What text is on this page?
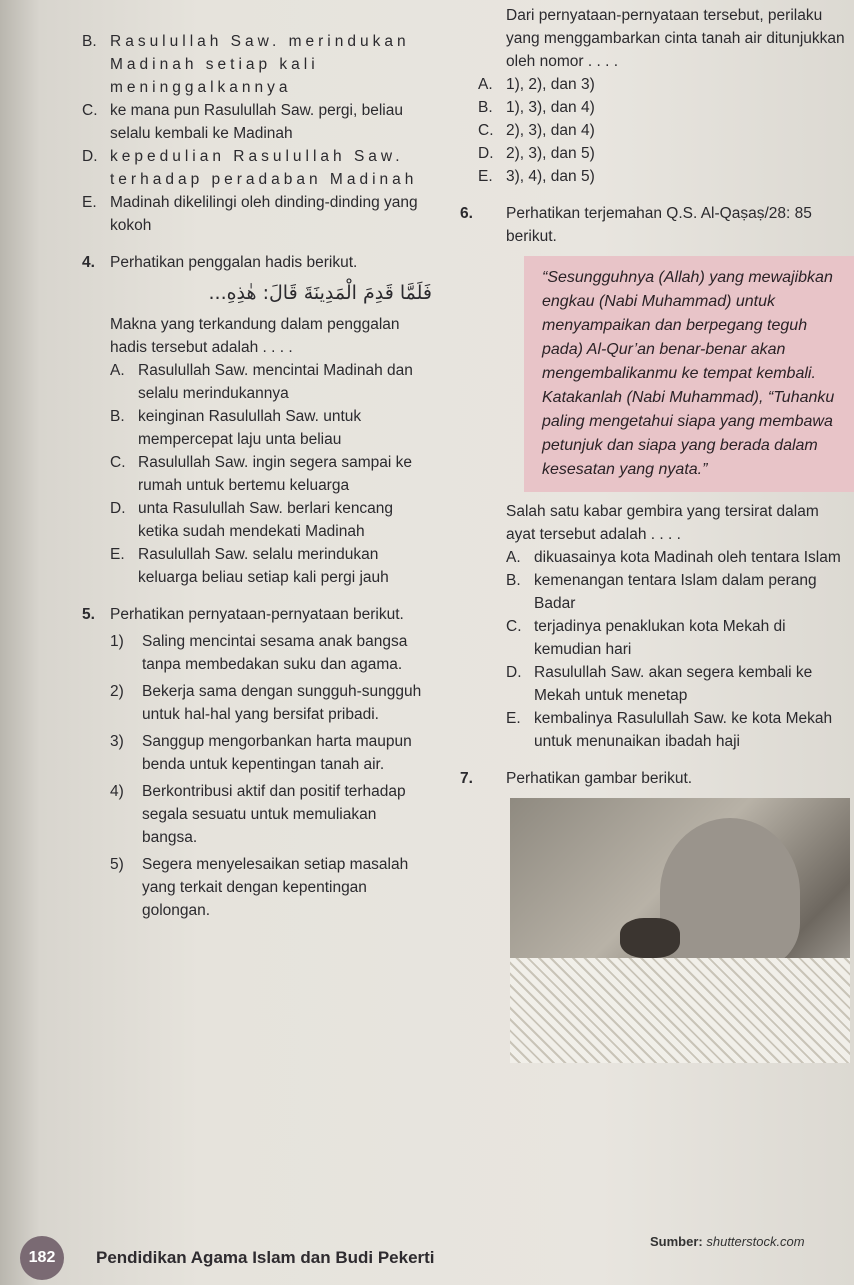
B. Rasulullah Saw. merindukan Madinah setiap kali meninggalkannya
C. ke mana pun Rasulullah Saw. pergi, beliau selalu kembali ke Madinah
D. kepedulian Rasulullah Saw. terhadap peradaban Madinah
E. Madinah dikelilingi oleh dinding-dinding yang kokoh
4. Perhatikan penggalan hadis berikut.
فَلَمَّا قَدِمَ الْمَدِينَةَ قَالَ: هٰذِهِ...
Makna yang terkandung dalam penggalan hadis tersebut adalah . . . .
A. Rasulullah Saw. mencintai Madinah dan selalu merindukannya
B. keinginan Rasulullah Saw. untuk mempercepat laju unta beliau
C. Rasulullah Saw. ingin segera sampai ke rumah untuk bertemu keluarga
D. unta Rasulullah Saw. berlari kencang ketika sudah mendekati Madinah
E. Rasulullah Saw. selalu merindukan keluarga beliau setiap kali pergi jauh
5. Perhatikan pernyataan-pernyataan berikut.
1) Saling mencintai sesama anak bangsa tanpa membedakan suku dan agama.
2) Bekerja sama dengan sungguh-sungguh untuk hal-hal yang bersifat pribadi.
3) Sanggup mengorbankan harta maupun benda untuk kepentingan tanah air.
4) Berkontribusi aktif dan positif terhadap segala sesuatu untuk memuliakan bangsa.
5) Segera menyelesaikan setiap masalah yang terkait dengan kepentingan golongan.
Dari pernyataan-pernyataan tersebut, perilaku yang menggambarkan cinta tanah air ditunjukkan oleh nomor . . . .
A. 1), 2), dan 3)
B. 1), 3), dan 4)
C. 2), 3), dan 4)
D. 2), 3), dan 5)
E. 3), 4), dan 5)
6.	Perhatikan terjemahan Q.S. Al-Qaṣaṣ/28: 85 berikut.
“Sesungguhnya (Allah) yang mewajibkan engkau (Nabi Muhammad) untuk menyampaikan dan berpegang teguh pada) Al-Qur’an benar-benar akan mengembalikanmu ke tempat kembali. Katakanlah (Nabi Muhammad), “Tuhanku paling mengetahui siapa yang membawa petunjuk dan siapa yang berada dalam kesesatan yang nyata.”
Salah satu kabar gembira yang tersirat dalam ayat tersebut adalah . . . .
A. dikuasainya kota Madinah oleh tentara Islam
B. kemenangan tentara Islam dalam perang Badar
C. terjadinya penaklukan kota Mekah di kemudian hari
D. Rasulullah Saw. akan segera kembali ke Mekah untuk menetap
E. kembalinya Rasulullah Saw. ke kota Mekah untuk menunaikan ibadah haji
7. Perhatikan gambar berikut.
Sumber: shutterstock.com
182	Pendidikan Agama Islam dan Budi Pekerti
